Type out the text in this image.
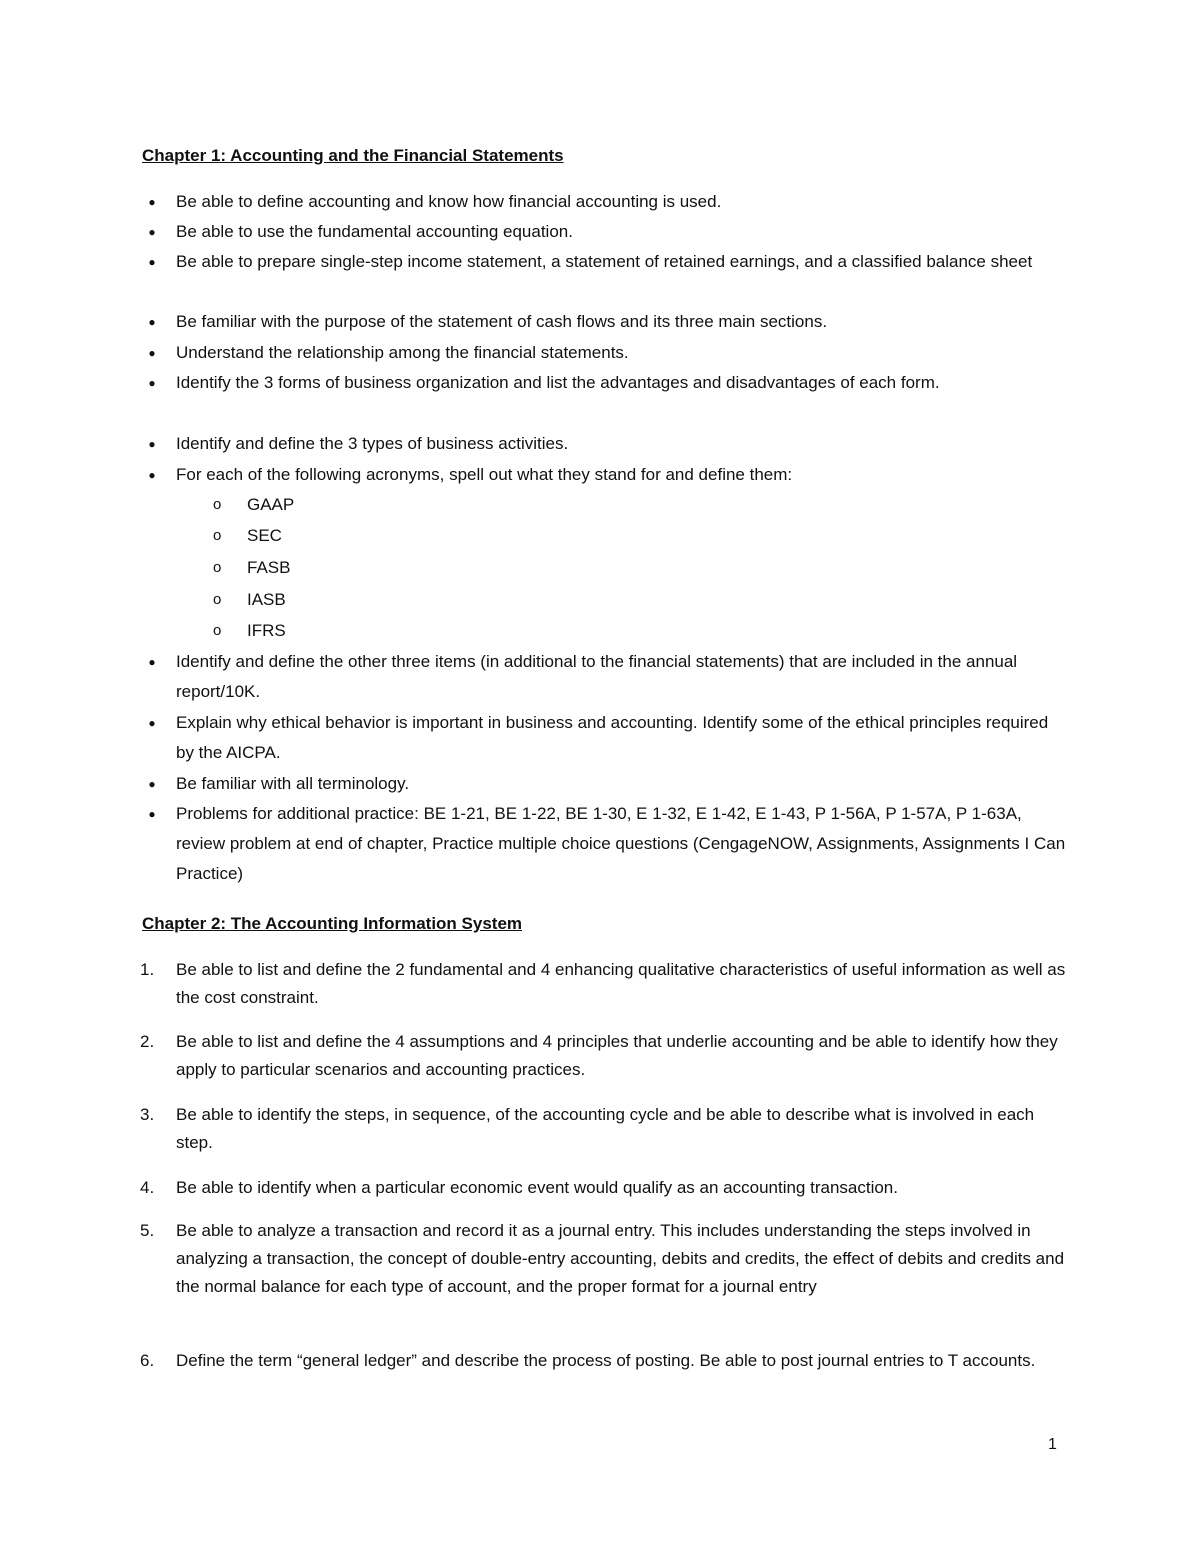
Chapter 1: Accounting and the Financial Statements
●	Be able to define accounting and know how financial accounting is used.
●	Be able to use the fundamental accounting equation.
●	Be able to prepare single-step income statement, a statement of retained earnings, and a classified balance sheet
●	Be familiar with the purpose of the statement of cash flows and its three main sections.
●	Understand the relationship among the financial statements.
●	Identify the 3 forms of business organization and list the advantages and disadvantages of each form.
●	Identify and define the 3 types of business activities.
●	For each of the following acronyms, spell out what they stand for and define them:
o GAAP
o SEC
o FASB
o IASB
o IFRS
●	Identify and define the other three items (in additional to the financial statements) that are included in the annual report/10K.
●	Explain why ethical behavior is important in business and accounting. Identify some of the ethical principles required by the AICPA.
●	Be familiar with all terminology.
●	Problems for additional practice: BE 1-21, BE 1-22, BE 1-30, E 1-32, E 1-42, E 1-43, P 1-56A, P 1-57A, P 1-63A, review problem at end of chapter, Practice multiple choice questions (CengageNOW, Assignments, Assignments I Can Practice)
Chapter 2: The Accounting Information System
1.	Be able to list and define the 2 fundamental and 4 enhancing qualitative characteristics of useful information as well as the cost constraint.
2.	Be able to list and define the 4 assumptions and 4 principles that underlie accounting and be able to identify how they apply to particular scenarios and accounting practices.
3.	Be able to identify the steps, in sequence, of the accounting cycle and be able to describe what is involved in each step.
4.	Be able to identify when a particular economic event would qualify as an accounting transaction.
5.	Be able to analyze a transaction and record it as a journal entry. This includes understanding the steps involved in analyzing a transaction, the concept of double-entry accounting, debits and credits, the effect of debits and credits and the normal balance for each type of account, and the proper format for a journal entry
6.	Define the term “general ledger” and describe the process of posting. Be able to post journal entries to T accounts.
1
